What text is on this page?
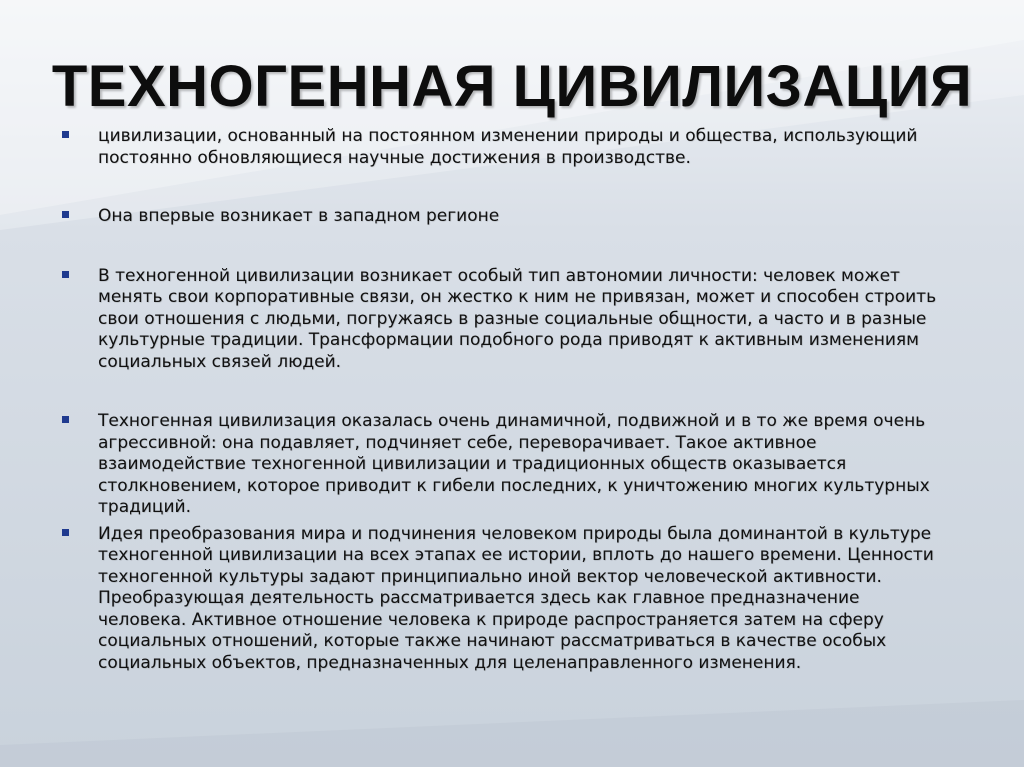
ТЕХНОГЕННАЯ ЦИВИЛИЗАЦИЯ
цивилизации, основанный на постоянном изменении природы и общества, использующий
постоянно обновляющиеся научные достижения в производстве.
Она впервые возникает в западном регионе
В техногенной цивилизации возникает особый тип автономии личности: человек может
менять свои корпоративные связи, он жестко к ним не привязан, может и способен строить
свои отношения с людьми, погружаясь в разные социальные общности, а часто и в разные
культурные традиции. Трансформации подобного рода приводят к активным изменениям
социальных связей людей.
Техногенная цивилизация оказалась очень динамичной, подвижной и в то же время очень
агрессивной: она подавляет, подчиняет себе, переворачивает. Такое активное
взаимодействие техногенной цивилизации и традиционных обществ оказывается
столкновением, которое приводит к гибели последних, к уничтожению многих культурных
традиций.
Идея преобразования мира и подчинения человеком природы была доминантой в культуре
техногенной цивилизации на всех этапах ее истории, вплоть до нашего времени. Ценности
техногенной культуры задают принципиально иной вектор человеческой активности.
Преобразующая деятельность рассматривается здесь как главное предназначение
человека. Активное отношение человека к природе распространяется затем на сферу
социальных отношений, которые также начинают рассматриваться в качестве особых
социальных объектов, предназначенных для целенаправленного изменения.
